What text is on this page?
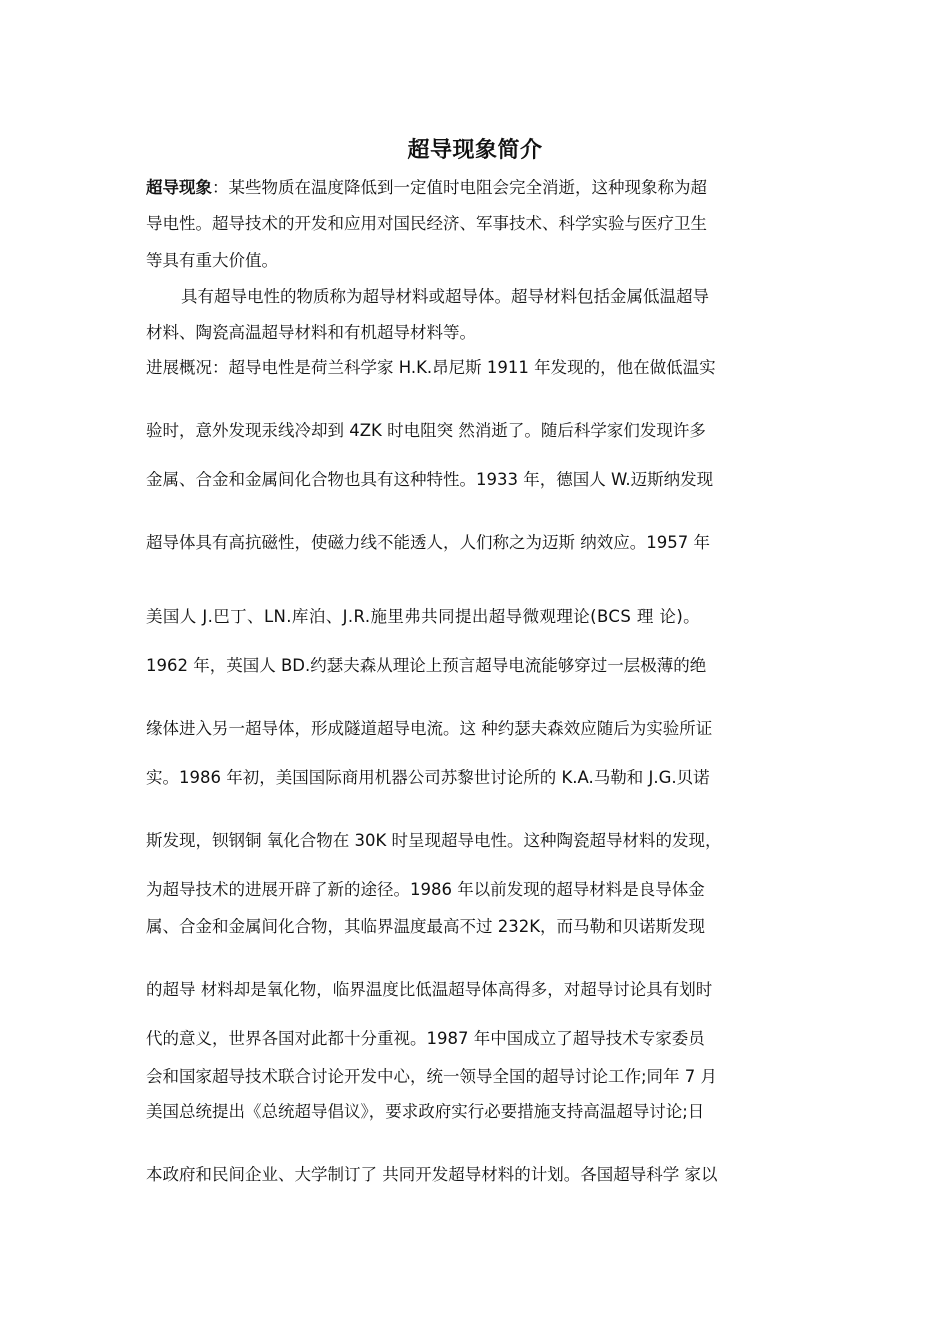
超导现象简介
超导现象：某些物质在温度降低到一定值时电阻会完全消逝，这种现象称为超
导电性。超导技术的开发和应用对国民经济、军事技术、科学实验与医疗卫生
等具有重大价值。
具有超导电性的物质称为超导材料或超导体。超导材料包括金属低温超导
材料、陶瓷高温超导材料和有机超导材料等。
进展概况：超导电性是荷兰科学家 H.K.昂尼斯 1911 年发现的，他在做低温实
验时，意外发现汞线冷却到 4ZK 时电阻突 然消逝了。随后科学家们发现许多
金属、合金和金属间化合物也具有这种特性。1933 年，德国人 W.迈斯纳发现
超导体具有高抗磁性，使磁力线不能透人，人们称之为迈斯 纳效应。1957 年
美国人 J.巴丁、LN.库泊、J.R.施里弗共同提出超导微观理论(BCS 理 论)。
1962 年，英国人 BD.约瑟夫森从理论上预言超导电流能够穿过一层极薄的绝
缘体进入另一超导体，形成隧道超导电流。这 种约瑟夫森效应随后为实验所证
实。1986 年初，美国国际商用机器公司苏黎世讨论所的 K.A.马勒和 J.G.贝诺
斯发现，钡钢铜 氧化合物在 30K 时呈现超导电性。这种陶瓷超导材料的发现，
为超导技术的进展开辟了新的途径。1986 年以前发现的超导材料是良导体金
属、合金和金属间化合物，其临界温度最高不过 232K，而马勒和贝诺斯发现
的超导 材料却是氧化物，临界温度比低温超导体高得多，对超导讨论具有划时
代的意义，世界各国对此都十分重视。1987 年中国成立了超导技术专家委员
会和国家超导技术联合讨论开发中心，统一领导全国的超导讨论工作;同年 7 月
美国总统提出《总统超导倡议》，要求政府实行必要措施支持高温超导讨论;日
本政府和民间企业、大学制订了 共同开发超导材料的计划。各国超导科学 家以
